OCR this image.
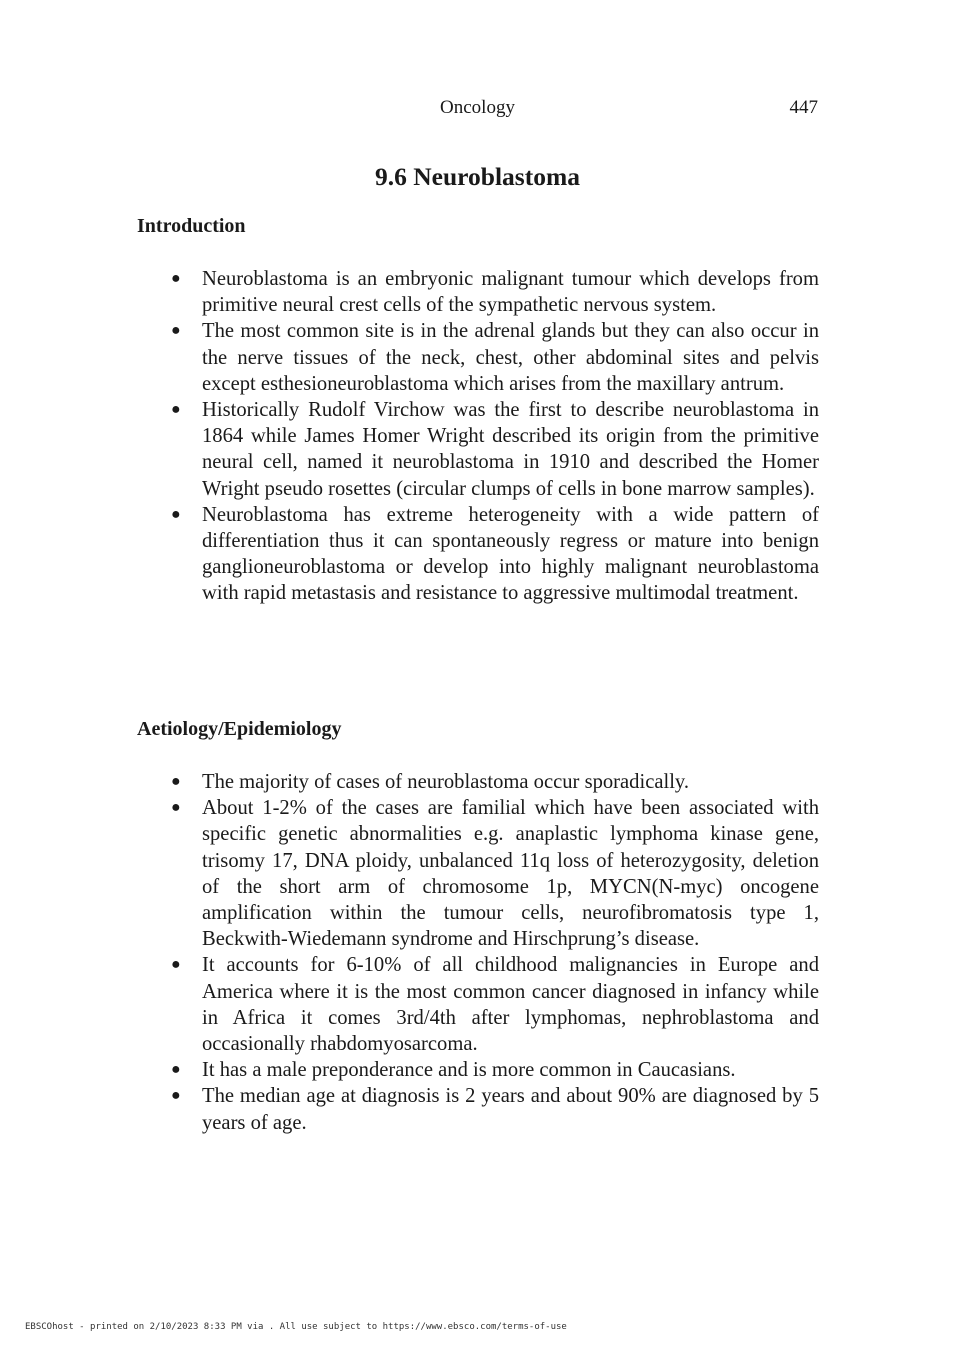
Oncology	447
9.6 Neuroblastoma
Introduction
● Neuroblastoma is an embryonic malignant tumour which develops from primitive neural crest cells of the sympathetic nervous system.
● The most common site is in the adrenal glands but they can also occur in the nerve tissues of the neck, chest, other abdominal sites and pelvis except esthesioneuroblastoma which arises from the maxillary antrum.
● Historically Rudolf Virchow was the first to describe neuroblastoma in 1864 while James Homer Wright described its origin from the primitive neural cell, named it neuroblastoma in 1910 and described the Homer Wright pseudo rosettes (circular clumps of cells in bone marrow samples).
● Neuroblastoma has extreme heterogeneity with a wide pattern of differentiation thus it can spontaneously regress or mature into benign ganglioneuroblastoma or develop into highly malignant neuroblastoma with rapid metastasis and resistance to aggressive multimodal treatment.
Aetiology/Epidemiology
● The majority of cases of neuroblastoma occur sporadically.
● About 1-2% of the cases are familial which have been associated with specific genetic abnormalities e.g. anaplastic lymphoma kinase gene, trisomy 17, DNA ploidy, unbalanced 11q loss of heterozygosity, deletion of the short arm of chromosome 1p, MYCN(N-myc) oncogene amplification within the tumour cells, neurofibromatosis type 1, Beckwith-Wiedemann syndrome and Hirschprung’s disease.
● It accounts for 6-10% of all childhood malignancies in Europe and America where it is the most common cancer diagnosed in infancy while in Africa it comes 3rd/4th after lymphomas, nephroblastoma and occasionally rhabdomyosarcoma.
● It has a male preponderance and is more common in Caucasians.
● The median age at diagnosis is 2 years and about 90% are diagnosed by 5 years of age.
EBSCOhost - printed on 2/10/2023 8:33 PM via . All use subject to https://www.ebsco.com/terms-of-use
